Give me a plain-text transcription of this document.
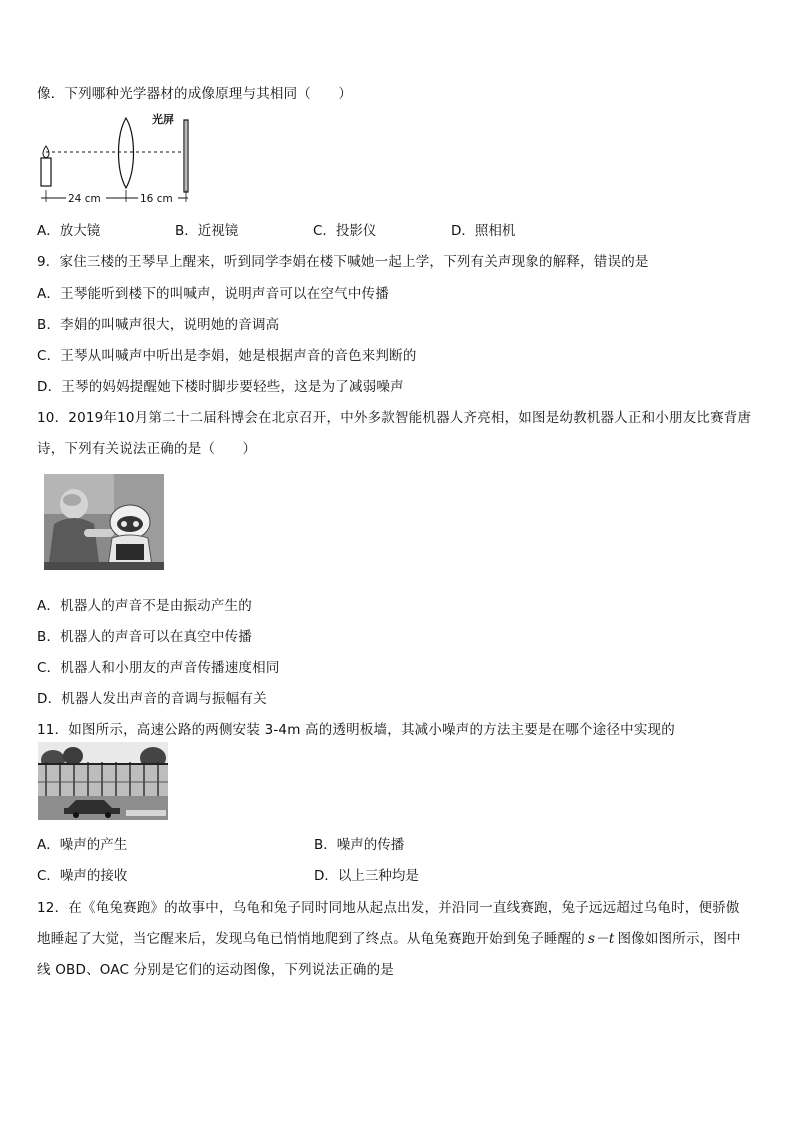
像．下列哪种光学器材的成像原理与其相同（　　）
光屏
24 cm	16 cm
A．放大镜	B．近视镜	C．投影仪	D．照相机
9．家住三楼的王琴早上醒来，听到同学李娟在楼下喊她一起上学，下列有关声现象的解释，错误的是
A．王琴能听到楼下的叫喊声，说明声音可以在空气中传播
B．李娟的叫喊声很大，说明她的音调高
C．王琴从叫喊声中听出是李娟，她是根据声音的音色来判断的
D．王琴的妈妈提醒她下楼时脚步要轻些，这是为了减弱噪声
10．2019年10月第二十二届科博会在北京召开，中外多款智能机器人齐亮相，如图是幼教机器人正和小朋友比赛背唐
诗，下列有关说法正确的是（　　）
A．机器人的声音不是由振动产生的
B．机器人的声音可以在真空中传播
C．机器人和小朋友的声音传播速度相同
D．机器人发出声音的音调与振幅有关
11．如图所示，高速公路的两侧安装 3-4m 高的透明板墙，其减小噪声的方法主要是在哪个途径中实现的
A．噪声的产生	B．噪声的传播
C．噪声的接收	D．以上三种均是
12．在《龟兔赛跑》的故事中，乌龟和兔子同时同地从起点出发，并沿同一直线赛跑，兔子远远超过乌龟时，便骄傲
地睡起了大觉，当它醒来后，发现乌龟已悄悄地爬到了终点。从龟兔赛跑开始到兔子睡醒的 s－t 图像如图所示，图中
线 OBD、OAC 分别是它们的运动图像，下列说法正确的是
